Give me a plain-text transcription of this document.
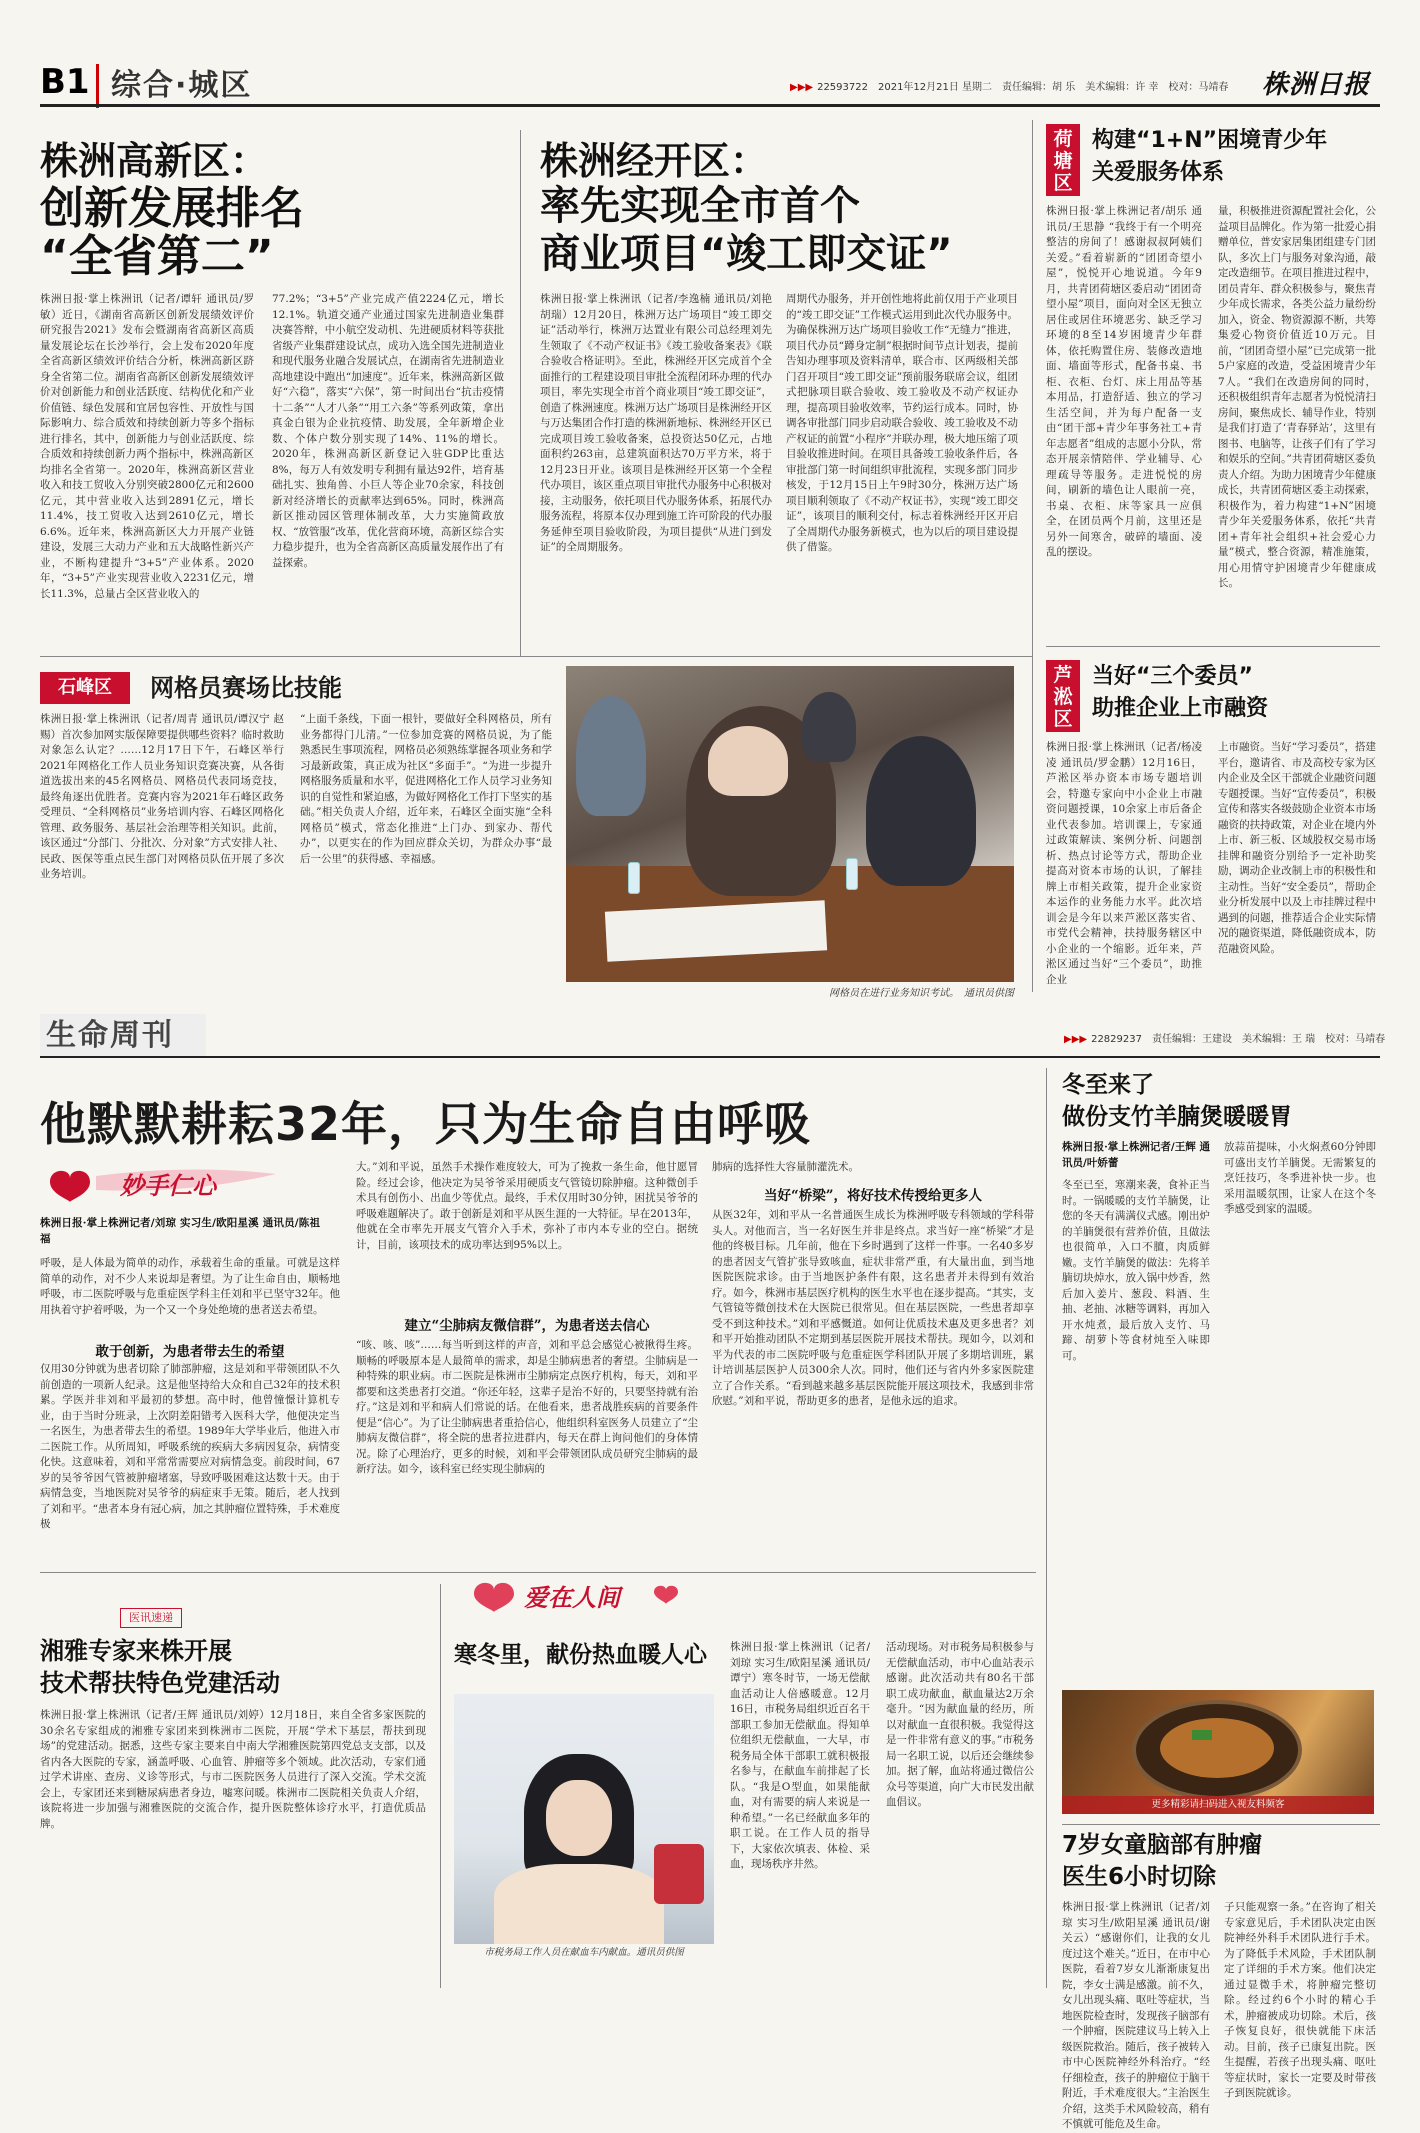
B1 综合·城区	▶▶▶ 22593722　2021年12月21日 星期二　责任编辑：胡 乐　美术编辑：许 幸　校对：马靖春 株洲日报
株洲高新区：
创新发展排名
“全省第二”
株洲日报·掌上株洲讯（记者/谭轩 通讯员/罗敏）近日，《湖南省高新区创新发展绩效评价研究报告2021》发布会暨湖南省高新区高质量发展论坛在长沙举行，会上发布2020年度全省高新区绩效评价结合分析，株洲高新区跻身全省第二位。湖南省高新区创新发展绩效评价对创新能力和创业活跃度、结构优化和产业价值链、绿色发展和宜居包容性、开放性与国际影响力、综合质效和持续创新力等多个指标进行排名，其中，创新能力与创业活跃度、综合质效和持续创新力两个指标中，株洲高新区均排名全省第一。2020年，株洲高新区营业收入和技工贸收入分别突破2800亿元和2600亿元，其中营业收入达到2891亿元，增长11.4%，技工贸收入达到2610亿元，增长6.6%。近年来，株洲高新区大力开展产业链建设，发展三大动力产业和五大战略性新兴产业，不断构建提升“3+5”产业体系。2020年，“3+5”产业实现营业收入2231亿元，增长11.3%，总量占全区营业收入的
77.2%；“3+5”产业完成产值2224亿元，增长12.1%。轨道交通产业通过国家先进制造业集群决赛答辩，中小航空发动机、先进硬质材料等获批省级产业集群建设试点，成功入选全国先进制造业和现代服务业融合发展试点，在湖南省先进制造业高地建设中跑出“加速度”。近年来，株洲高新区做好“六稳”，落实“六保”，第一时间出台“抗击疫情十二条”“人才八条”“用工六条”等系列政策，拿出真金白银为企业抗疫情、助发展，全年新增企业数、个体户数分别实现了14%、11%的增长。2020年，株洲高新区新登记入驻GDP比重达8%，每万人有效发明专利拥有量达92件，培育基础扎实、独角兽、小巨人等企业70余家，科技创新对经济增长的贡献率达到65%。同时，株洲高新区推动园区管理体制改革，大力实施简政放权、“放管服”改革，优化营商环境，高新区综合实力稳步提升，也为全省高新区高质量发展作出了有益探索。
株洲经开区：
率先实现全市首个
商业项目“竣工即交证”
株洲日报·掌上株洲讯（记者/李逸楠 通讯员/刘艳 胡瑞）12月20日，株洲万达广场项目“竣工即交证”活动举行，株洲万达置业有限公司总经理刘先生领取了《不动产权证书》《竣工验收备案表》《联合验收合格证明》。至此，株洲经开区完成首个全面推行的工程建设项目审批全流程闭环办理的代办项目，率先实现全市首个商业项目“竣工即交证”，创造了株洲速度。株洲万达广场项目是株洲经开区与万达集团合作打造的株洲新地标、株洲经开区已完成项目竣工验收备案，总投资达50亿元，占地面积约263亩，总建筑面积达70万平方米，将于12月23日开业。该项目是株洲经开区第一个全程代办项目，该区重点项目审批代办服务中心积极对接，主动服务，依托项目代办服务体系，拓展代办服务流程，将原本仅办理到施工许可阶段的代办服务延伸至项目验收阶段，为项目提供“从进门到发证”的全周期服务。
周期代办服务，并开创性地将此前仅用于产业项目的“竣工即交证”工作模式运用到此次代办服务中。为确保株洲万达广场项目验收工作“无缝力”推进，项目代办员“蹲身定制”根据时间节点计划表，提前告知办理事项及资料清单，联合市、区两级相关部门召开项目“竣工即交证”预前服务联席会议，组团式把脉项目联合验收、竣工验收及不动产权证办理，提高项目验收效率，节约运行成本。同时，协调各审批部门同步启动联合验收、竣工验收及不动产权证的前置“小程序”并联办理，极大地压缩了项目验收推进时间。在项目具备竣工验收条件后，各审批部门第一时间组织审批流程，实现多部门同步核发，于12月15日上午9时30分，株洲万达广场项目顺利领取了《不动产权证书》，实现“竣工即交证”，该项目的顺利交付，标志着株洲经开区开启了全周期代办服务新模式，也为以后的项目建设提供了借鉴。
荷塘区
构建“1+N”困境青少年
关爱服务体系
株洲日报·掌上株洲记者/胡乐 通讯员/王思静 “我终于有一个明亮整洁的房间了！感谢叔叔阿姨们关爱。”看着崭新的“团团奇望小屋”，悦悦开心地说道。今年9月，共青团荷塘区委启动“团团奇望小屋”项目，面向对全区无独立居住或居住环境恶劣、缺乏学习环境的8至14岁困境青少年群体，依托购置住房、装修改造地面、墙面等形式，配备书桌、书柜、衣柜、台灯、床上用品等基本用品，打造舒适、独立的学习生活空间，并为每户配备一支由“团干部+青少年事务社工+青年志愿者”组成的志愿小分队，常态开展亲情陪伴、学业辅导、心理疏导等服务。走进悦悦的房间，刷新的墙色让人眼前一亮，书桌、衣柜、床等家具一应俱全，在团员两个月前，这里还是另外一间寒舍，破碎的墙面、凌乱的摆设。
量，积极推进资源配置社会化，公益项目品牌化。作为第一批爱心捐赠单位，普安家居集团组建专门团队，多次上门与服务对象沟通，敲定改造细节。在项目推进过程中，团员青年、群众积极参与，聚焦青少年成长需求，各类公益力量纷纷加入，资金、物资源源不断，共筹集爱心物资价值近10万元。目前，“团团奇望小屋”已完成第一批5户家庭的改造，受益困境青少年7人。“我们在改造房间的同时，还积极组织青年志愿者为悦悦清扫房间，聚焦成长、辅导作业，特别是我们打造了‘青春驿站’，这里有图书、电脑等，让孩子们有了学习和娱乐的空间。”共青团荷塘区委负责人介绍。为助力困境青少年健康成长，共青团荷塘区委主动探索，积极作为，着力构建“1+N”困境青少年关爱服务体系，依托“共青团+青年社会组织+社会爱心力量”模式，整合资源，精准施策，用心用情守护困境青少年健康成长。
石峰区	网格员赛场比技能
株洲日报·掌上株洲讯（记者/周青 通讯员/谭汉宁 赵赐）首次参加网实版保障要提供哪些资料？临时救助对象怎么认定？……12月17日下午，石峰区举行2021年网格化工作人员业务知识竞赛决赛，从各街道选拔出来的45名网格员、网格员代表同场竞技，最终角逐出优胜者。竞赛内容为2021年石峰区政务受理员、“全科网格员”业务培训内容、石峰区网格化管理、政务服务、基层社会治理等相关知识。此前，该区通过“分部门、分批次、分对象”方式安排人社、民政、医保等重点民生部门对网格员队伍开展了多次业务培训。
“上面千条线，下面一根针，要做好全科网格员，所有业务都得门儿清。”一位参加竞赛的网格员说，为了能熟悉民生事项流程，网格员必须熟练掌握各项业务和学习最新政策，真正成为社区“多面手”。“为进一步提升网格服务质量和水平，促进网格化工作人员学习业务知识的自觉性和紧迫感，为做好网格化工作打下坚实的基础。”相关负责人介绍，近年来，石峰区全面实施“全科网格员”模式，常态化推进“上门办、到家办、帮代办”，以更实在的作为回应群众关切，为群众办事“最后一公里”的获得感、幸福感。
网格员在进行业务知识考试。　通讯员供图
芦淞区
当好“三个委员”
助推企业上市融资
株洲日报·掌上株洲讯（记者/杨凌凌 通讯员/罗金鹏）12月16日，芦淞区举办资本市场专题培训会，特邀专家向中小企业上市融资问题授课，10余家上市后备企业代表参加。培训课上，专家通过政策解读、案例分析、问题剖析、热点讨论等方式，帮助企业提高对资本市场的认识，了解挂牌上市相关政策，提升企业家资本运作的业务能力水平。此次培训会是今年以来芦淞区落实省、市党代会精神，扶持服务辖区中小企业的一个缩影。近年来，芦淞区通过当好“三个委员”，助推企业
上市融资。当好“学习委员”，搭建平台，邀请省、市及高校专家为区内企业及全区干部就企业融资问题专题授课。当好“宣传委员”，积极宣传和落实各级鼓励企业资本市场融资的扶持政策，对企业在境内外上市、新三板、区域股权交易市场挂牌和融资分别给予一定补助奖励，调动企业改制上市的积极性和主动性。当好“安全委员”，帮助企业分析发展中以及上市挂牌过程中遇到的问题，推荐适合企业实际情况的融资渠道，降低融资成本，防范融资风险。
生命周刊	▶▶▶ 22829237　责任编辑：王建设　美术编辑：王 瑞　校对：马靖春
他默默耕耘32年，只为生命自由呼吸
妙手仁心
株洲日报·掌上株洲记者/刘琼 实习生/欧阳星溪 通讯员/陈祖福
呼吸，是人体最为简单的动作，承载着生命的重量。可就是这样简单的动作，对不少人来说却是奢望。为了让生命自由，顺畅地呼吸，市二医院呼吸与危重症医学科主任刘和平已坚守32年。他用执着守护着呼吸，为一个又一个身处绝境的患者送去希望。
敢于创新，为患者带去生的希望
仅用30分钟就为患者切除了肺部肿瘤，这是刘和平带领团队不久前创造的一项新人纪录。这是他坚持给大众和自己32年的技术积累。学医并非刘和平最初的梦想。高中时，他曾憧憬计算机专业，由于当时分班录，上次阴差阳错考入医科大学，他便决定当一名医生，为患者带去生的希望。1989年大学毕业后，他进入市二医院工作。从所周知，呼吸系统的疾病大多病因复杂，病情变化快。这意味着，刘和平常常需要应对病情急变。前段时间，67岁的吴爷爷因气管被肿瘤堵塞，导致呼吸困难这达数十天。由于病情急变，当地医院对吴爷爷的病症束手无策。随后，老人找到了刘和平。“患者本身有冠心病，加之其肿瘤位置特殊，手术难度极
大。”刘和平说，虽然手术操作难度较大，可为了挽救一条生命，他甘愿冒险。经过会诊，他决定为吴爷爷采用硬质支气管镜切除肿瘤。这种微创手术具有创伤小、出血少等优点。最终，手术仅用时30分钟，困扰吴爷爷的呼吸难题解决了。敢于创新是刘和平从医生涯的一大特征。早在2013年，他就在全市率先开展支气管介入手术，弥补了市内本专业的空白。据统计，目前，该项技术的成功率达到95%以上。
建立“尘肺病友微信群”，为患者送去信心
“咳、咳、咳”……每当听到这样的声音，刘和平总会感觉心被揪得生疼。顺畅的呼吸原本是人最简单的需求，却是尘肺病患者的奢望。尘肺病是一种特殊的职业病。市二医院是株洲市尘肺病定点医疗机构，每天，刘和平都要和这类患者打交道。“你还年轻，这辈子是治不好的，只要坚持就有治疗。”这是刘和平和病人们常说的话。在他看来，患者战胜疾病的首要条件便是“信心”。为了让尘肺病患者重拾信心，他组织科室医务人员建立了“尘肺病友微信群”，将全院的患者拉进群内，每天在群上询问他们的身体情况。除了心理治疗，更多的时候，刘和平会带领团队成员研究尘肺病的最新疗法。如今，该科室已经实现尘肺病的
肺病的选择性大容量肺灌洗术。
当好“桥梁”，将好技术传授给更多人
从医32年，刘和平从一名普通医生成长为株洲呼吸专科领域的学科带头人。对他而言，当一名好医生并非是终点。求当好一座“桥梁”才是他的终极目标。几年前，他在下乡时遇到了这样一件事。一名40多岁的患者因支气管扩张导致咳血，症状非常严重，有大量出血，到当地医院医院求诊。由于当地医护条件有限，这名患者并未得到有效治疗。如今，株洲市基层医疗机构的医生水平也在逐步提高。“其实，支气管镜等微创技术在大医院已很常见。但在基层医院，一些患者却享受不到这种技术。”刘和平感慨道。如何让优质技术惠及更多患者？刘和平开始推动团队不定期到基层医院开展技术帮扶。现如今，以刘和平为代表的市二医院呼吸与危重症医学科团队开展了多期培训班，累计培训基层医护人员300余人次。同时，他们还与省内外多家医院建立了合作关系。“看到越来越多基层医院能开展这项技术，我感到非常欣慰。”刘和平说，帮助更多的患者，是他永远的追求。
冬至来了
做份支竹羊腩煲暖暖胃
株洲日报·掌上株洲记者/王辉 通讯员/叶娇蕾
冬至已至，寒潮来袭，食补正当时。一锅暖暖的支竹羊腩煲，让您的冬天有满满仪式感。刚出炉的羊腩煲很有营养价值，且做法也很简单，入口不膻，肉质鲜嫩。支竹羊腩煲的做法：先将羊腩切块焯水，放入锅中炒香，然后加入姜片、葱段、料酒、生抽、老抽、冰糖等调料，再加入开水炖煮，最后放入支竹、马蹄、胡萝卜等食材炖至入味即可。
放蒜苗提味，小火焖煮60分钟即可盛出支竹羊腩煲。无需繁复的烹饪技巧，冬季进补快一步。也采用温暖氛围，让家人在这个冬季感受到家的温暖。
更多精彩请扫码进入视友料频客
7岁女童脑部有肿瘤
医生6小时切除
株洲日报·掌上株洲讯（记者/刘琼 实习生/欧阳星溪 通讯员/谢关云）“感谢你们，让我的女儿度过这个难关。”近日，在市中心医院，看着7岁女儿渐渐康复出院，李女士满是感激。前不久，女儿出现头痛、呕吐等症状，当地医院检查时，发现孩子脑部有一个肿瘤，医院建议马上转入上级医院救治。随后，孩子被转入市中心医院神经外科治疗。“经仔细检查，孩子的肿瘤位于脑干附近，手术难度很大。”主治医生介绍，这类手术风险较高，稍有不慎就可能危及生命。
子只能观察一条。”在咨询了相关专家意见后，手术团队决定由医院神经外科手术团队进行手术。为了降低手术风险，手术团队制定了详细的手术方案。他们决定通过显微手术，将肿瘤完整切除。经过约6个小时的精心手术，肿瘤被成功切除。术后，孩子恢复良好，很快就能下床活动。目前，孩子已康复出院。医生提醒，若孩子出现头痛、呕吐等症状时，家长一定要及时带孩子到医院就诊。
医讯速递
湘雅专家来株开展
技术帮扶特色党建活动
株洲日报·掌上株洲讯（记者/王辉 通讯员/刘婷）12月18日，来自全省多家医院的30余名专家组成的湘雅专家团来到株洲市二医院，开展“学术下基层，帮扶到现场”的党建活动。据悉，这些专家主要来自中南大学湘雅医院第四党总支支部，以及省内各大医院的专家，涵盖呼吸、心血管、肿瘤等多个领域。此次活动，专家们通过学术讲座、查房、义诊等形式，与市二医院医务人员进行了深入交流。学术交流会上，专家团还来到糖尿病患者身边，嘘寒问暖。株洲市二医院相关负责人介绍，该院将进一步加强与湘雅医院的交流合作，提升医院整体诊疗水平，打造优质品牌。
爱在人间
寒冬里，献份热血暖人心
市税务局工作人员在献血车内献血。通讯员供图
株洲日报·掌上株洲讯（记者/刘琼 实习生/欧阳星溪 通讯员/谭宁）寒冬时节，一场无偿献血活动让人倍感暖意。12月16日，市税务局组织近百名干部职工参加无偿献血。得知单位组织无偿献血，一大早，市税务局全体干部职工就积极报名参与，在献血车前排起了长队。“我是O型血，如果能献血，对有需要的病人来说是一种希望。”一名已经献血多年的职工说。在工作人员的指导下，大家依次填表、体检、采血，现场秩序井然。
活动现场。对市税务局积极参与无偿献血活动，市中心血站表示感谢。此次活动共有80名干部职工成功献血，献血量达2万余毫升。“因为献血量的经历，所以对献血一直很积极。我觉得这是一件非常有意义的事。”市税务局一名职工说，以后还会继续参加。据了解，血站将通过微信公众号等渠道，向广大市民发出献血倡议。
